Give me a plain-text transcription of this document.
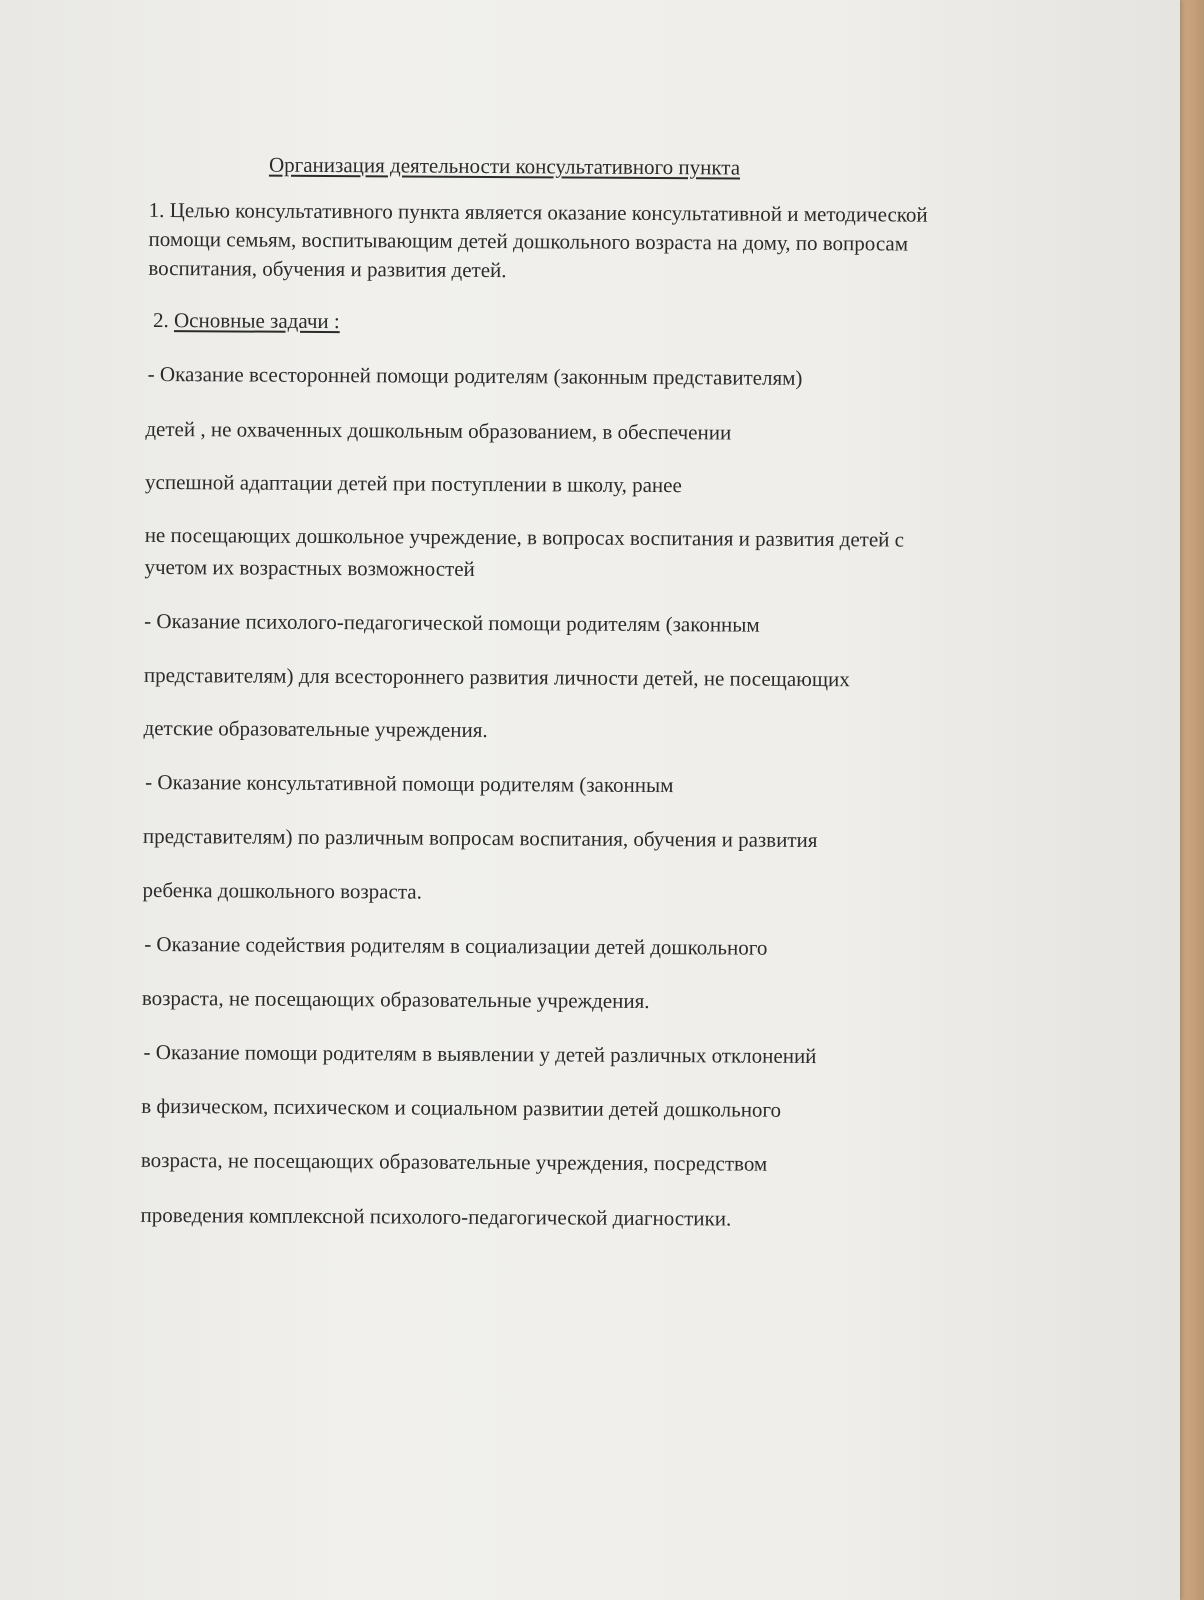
Организация деятельности консультативного пункта

1. Целью консультативного пункта является оказание консультативной и методической

помощи семьям, воспитывающим детей дошкольного возраста на дому, по вопросам

воспитания, обучения и развития детей.

2. Основные задачи :

- Оказание всесторонней помощи родителям (законным представителям)

детей , не охваченных дошкольным образованием, в обеспечении

успешной адаптации детей при поступлении в школу, ранее

не посещающих дошкольное учреждение, в вопросах воспитания и развития детей с

учетом их возрастных возможностей

- Оказание психолого-педагогической помощи родителям (законным

представителям) для всестороннего развития личности детей, не посещающих

детские образовательные учреждения.

- Оказание консультативной помощи родителям (законным

представителям) по различным вопросам воспитания, обучения и развития

ребенка дошкольного возраста.

- Оказание содействия родителям в социализации детей дошкольного

возраста, не посещающих образовательные учреждения.

- Оказание помощи родителям в выявлении у детей различных отклонений

в физическом, психическом и социальном развитии детей дошкольного

возраста, не посещающих образовательные учреждения, посредством

проведения комплексной психолого-педагогической диагностики.
